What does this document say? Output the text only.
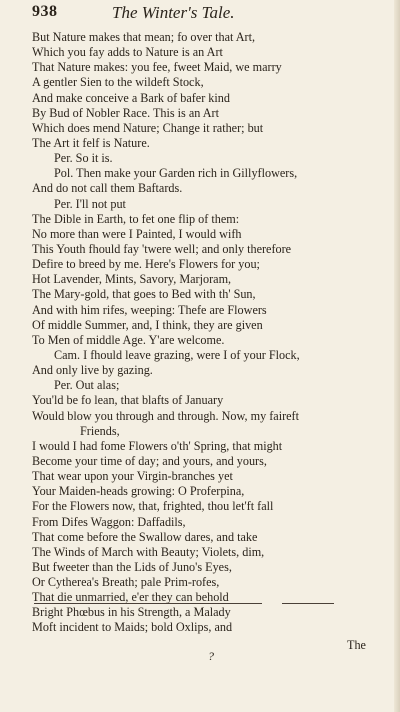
938	The Winter's Tale.
But Nature makes that mean; fo over that Art,
Which you fay adds to Nature is an Art
That Nature makes: you fee, fweet Maid, we marry
A gentler Sien to the wildeft Stock,
And make conceive a Bark of bafer kind
By Bud of Nobler Race. This is an Art
Which does mend Nature; Change it rather; but
The Art it felf is Nature.
Per. So it is.
Pol. Then make your Garden rich in Gillyflowers,
And do not call them Baftards.
Per. I'll not put
The Dible in Earth, to fet one flip of them:
No more than were I Painted, I would wifh
This Youth fhould fay 'twere well; and only therefore
Defire to breed by me. Here's Flowers for you;
Hot Lavender, Mints, Savory, Marjoram,
The Mary-gold, that goes to Bed with th' Sun,
And with him rifes, weeping: Thefe are Flowers
Of middle Summer, and, I think, they are given
To Men of middle Age. Y'are welcome.
Cam. I fhould leave grazing, were I of your Flock,
And only live by gazing.
Per. Out alas;
You'ld be fo lean, that blafts of January
Would blow you through and through. Now, my faireft
Friends,
I would I had fome Flowers o'th' Spring, that might
Become your time of day; and yours, and yours,
That wear upon your Virgin-branches yet
Your Maiden-heads growing: O Proferpina,
For the Flowers now, that, frighted, thou let'ft fall
From Difes Waggon: Daffadils,
That come before the Swallow dares, and take
The Winds of March with Beauty; Violets, dim,
But fweeter than the Lids of Juno's Eyes,
Or Cytherea's Breath; pale Prim-rofes,
That die unmarried, e'er they can behold
Bright Phœbus in his Strength, a Malady
Moft incident to Maids; bold Oxlips, and
?
The
